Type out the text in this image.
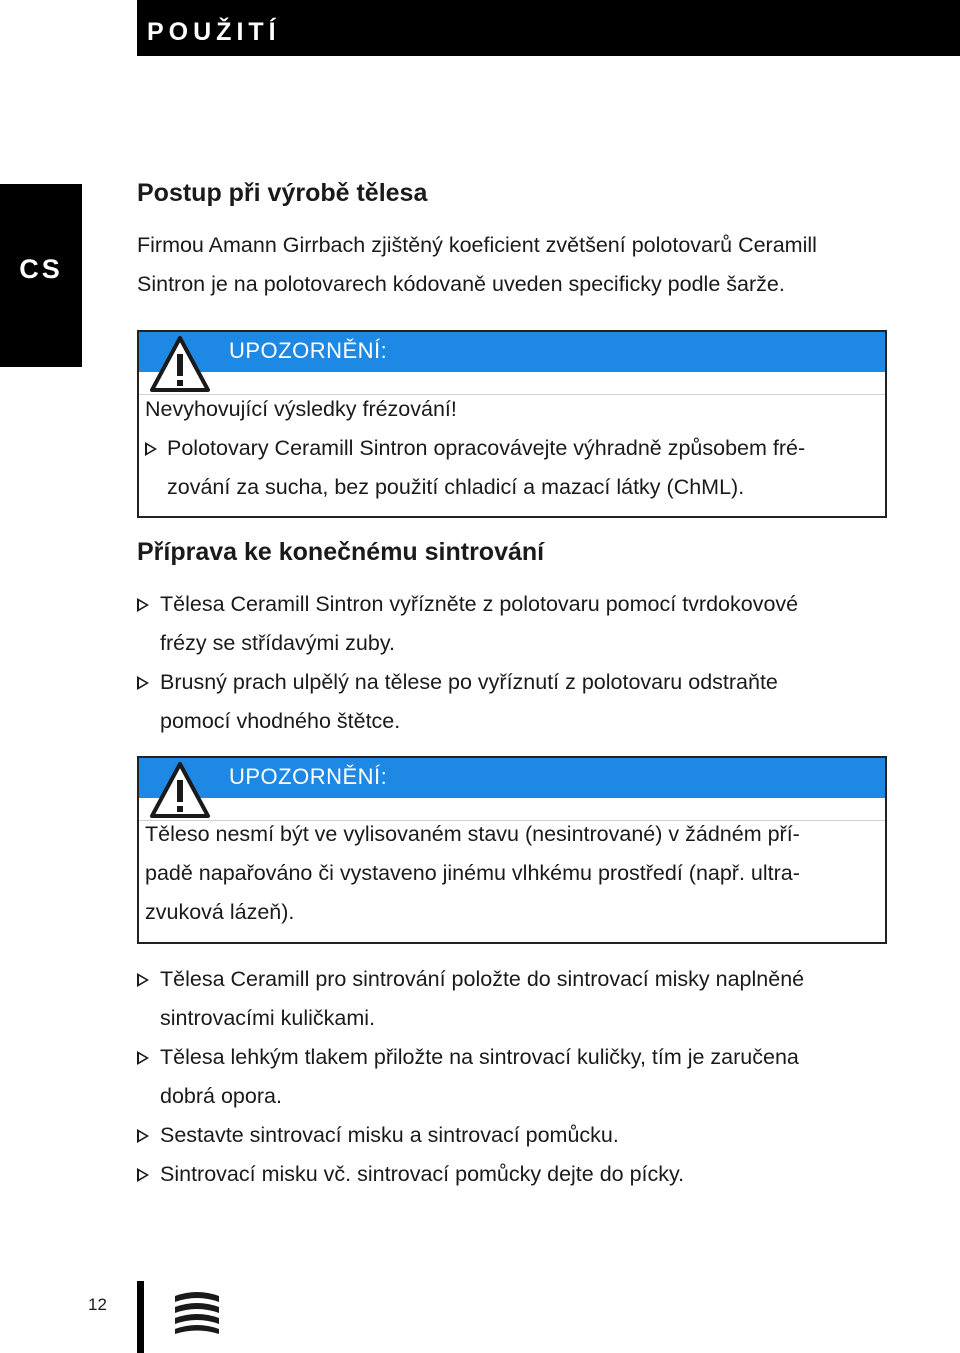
POUŽITÍ
CS
Postup při výrobě tělesa
Firmou Amann Girrbach zjištěný koeficient zvětšení polotovarů Ceramill
Sintron je na polotovarech kódovaně uveden specificky podle šarže.
UPOZORNĚNÍ:
Nevyhovující výsledky frézování!
Polotovary Ceramill Sintron opracovávejte výhradně způsobem fré-
zování za sucha, bez použití chladicí a mazací látky (ChML).
Příprava ke konečnému sintrování
Tělesa Ceramill Sintron vyřízněte z polotovaru pomocí tvrdokovové
frézy se střídavými zuby.
Brusný prach ulpělý na tělese po vyříznutí z polotovaru odstraňte
pomocí vhodného štětce.
UPOZORNĚNÍ:
Těleso nesmí být ve vylisovaném stavu (nesintrované) v žádném pří-
padě napařováno či vystaveno jinému vlhkému prostředí (např. ultra-
zvuková lázeň).
Tělesa Ceramill pro sintrování položte do sintrovací misky naplněné
sintrovacími kuličkami.
Tělesa lehkým tlakem přiložte na sintrovací kuličky, tím je zaručena
dobrá opora.
Sestavte sintrovací misku a sintrovací pomůcku.
Sintrovací misku vč. sintrovací pomůcky dejte do pícky.
12
